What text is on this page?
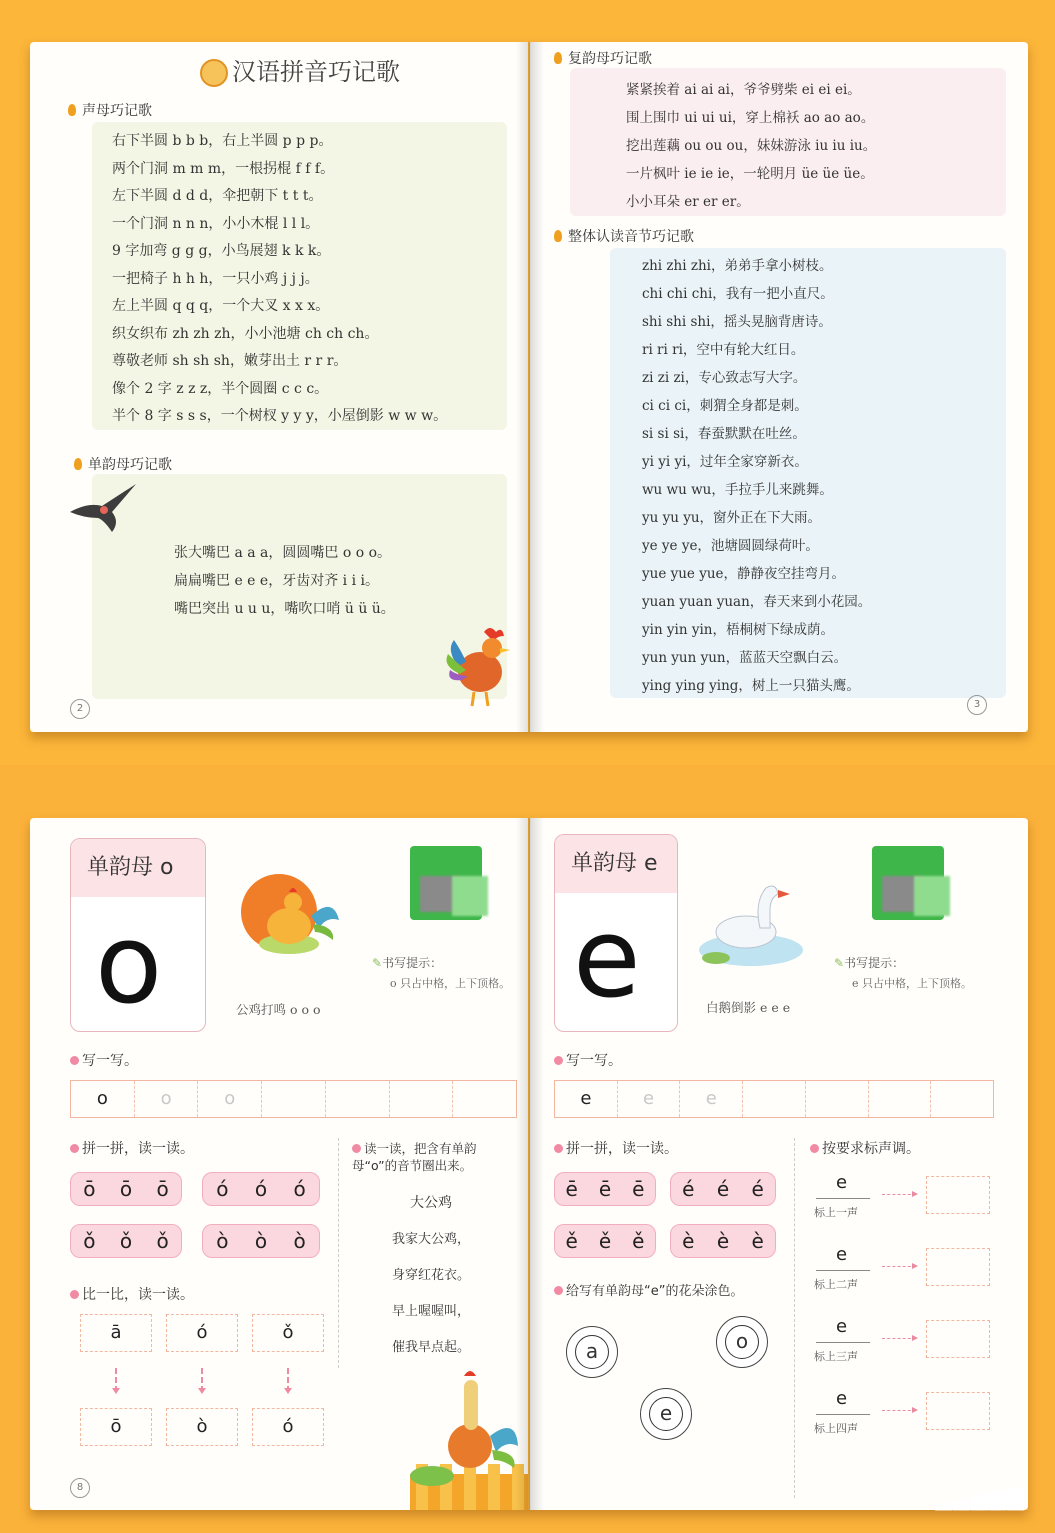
汉语拼音巧记歌
声母巧记歌
右下半圆 b b b，右上半圆 p p p。
两个门洞 m m m，一根拐棍 f f f。
左下半圆 d d d，伞把朝下 t t t。
一个门洞 n n n，小小木棍 l l l。
9 字加弯 g g g，小鸟展翅 k k k。
一把椅子 h h h，一只小鸡 j j j。
左上半圆 q q q，一个大叉 x x x。
织女织布 zh zh zh，小小池塘 ch ch ch。
尊敬老师 sh sh sh，嫩芽出土 r r r。
像个 2 字 z z z，半个圆圈 c c c。
半个 8 字 s s s，一个树杈 y y y，小屋倒影 w w w。
单韵母巧记歌
张大嘴巴 a a a，圆圆嘴巴 o o o。
扁扁嘴巴 e e e，牙齿对齐 i i i。
嘴巴突出 u u u，嘴吹口哨 ü ü ü。
2
复韵母巧记歌
紧紧挨着 ai ai ai，爷爷劈柴 ei ei ei。
围上围巾 ui ui ui，穿上棉袄 ao ao ao。
挖出莲藕 ou ou ou，妹妹游泳 iu iu iu。
一片枫叶 ie ie ie，一轮明月 üe üe üe。
小小耳朵 er er er。
整体认读音节巧记歌
zhi zhi zhi，弟弟手拿小树枝。
chi chi chi，我有一把小直尺。
shi shi shi，摇头晃脑背唐诗。
ri ri ri，空中有轮大红日。
zi zi zi，专心致志写大字。
ci ci ci，刺猬全身都是刺。
si si si，春蚕默默在吐丝。
yi yi yi，过年全家穿新衣。
wu wu wu，手拉手儿来跳舞。
yu yu yu，窗外正在下大雨。
ye ye ye，池塘圆圆绿荷叶。
yue yue yue，静静夜空挂弯月。
yuan yuan yuan，春天来到小花园。
yin yin yin，梧桐树下绿成荫。
yun yun yun，蓝蓝天空飘白云。
ying ying ying，树上一只猫头鹰。
3
单韵母 o
o	公鸡打鸣 o o o
✎书写提示：
o 只占中格，上下顶格。
写一写。
o	o	o
拼一拼，读一读。
ō ō ō ó ó ó
ǒ ǒ ǒ ò ò ò
比一比，读一读。
ā	ó	ǒ
ō	ò	ó
读一读，把含有单韵母“o”的音节圈出来。
大公鸡
我家大公鸡，
身穿红花衣。
早上喔喔叫，
催我早点起。
8
单韵母 e
e	白鹅倒影 e e e
✎书写提示：
e 只占中格，上下顶格。
写一写。
e	e	e
拼一拼，读一读。
ē ē ē é é é
ě ě ě è è è
给写有单韵母“e”的花朵涂色。
a	o
e
按要求标声调。
e
标上一声
e
标上二声
e
标上三声
e
标上四声
▂▃▅▆▇
